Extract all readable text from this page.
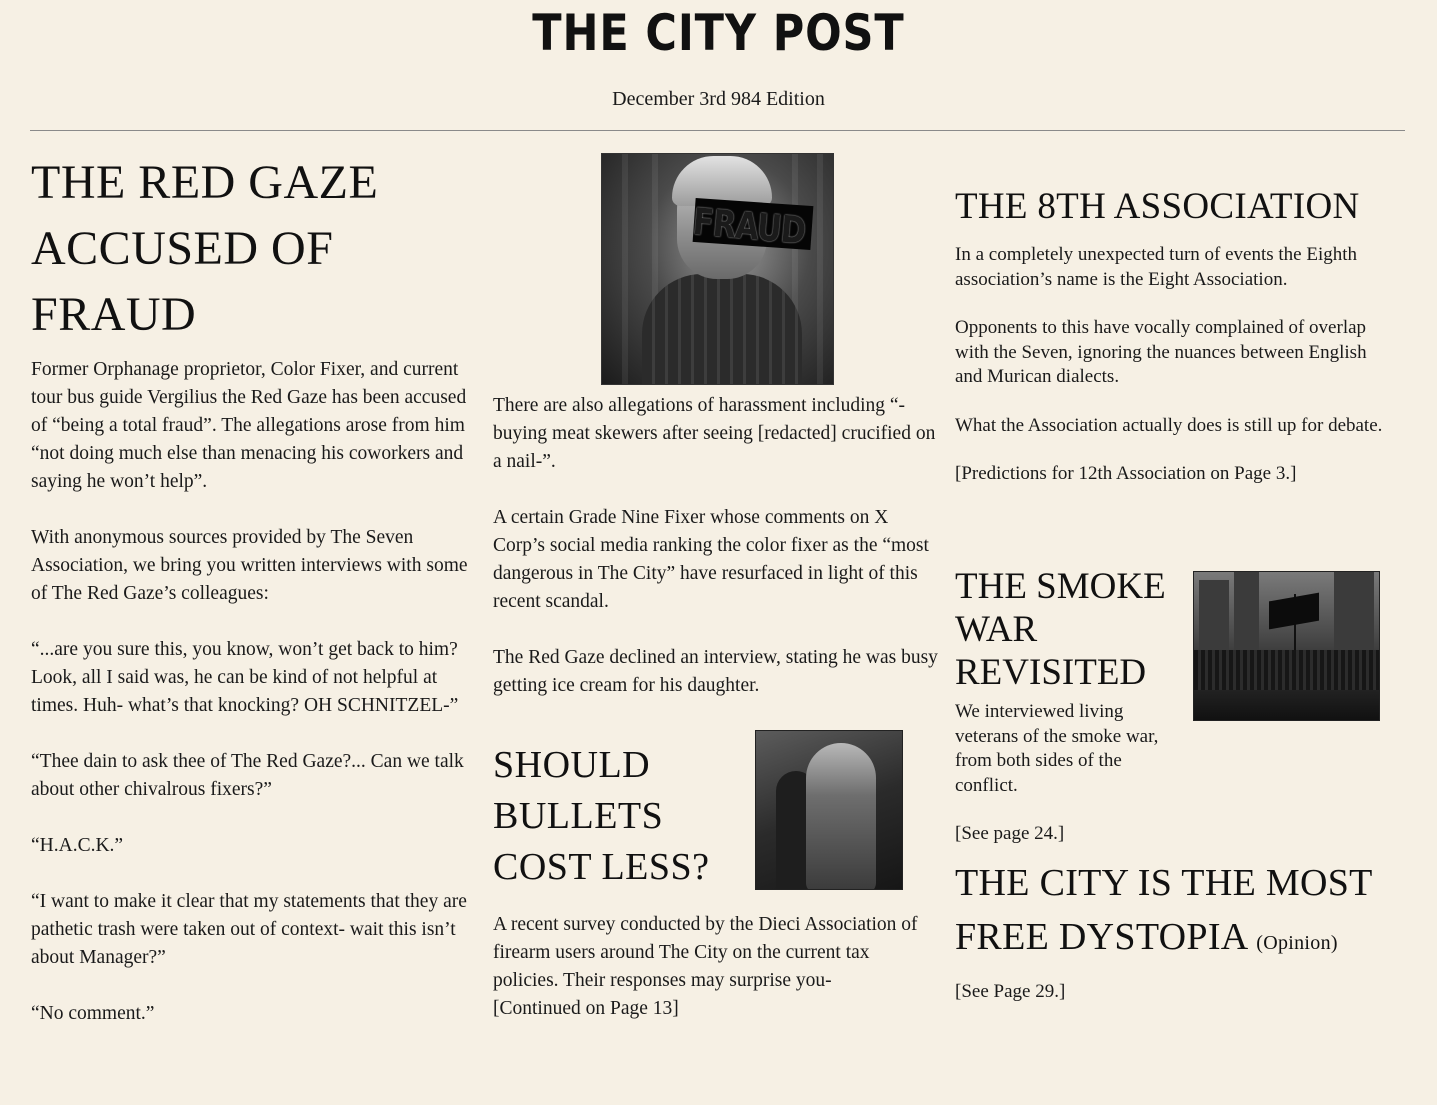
THE CITY POST
December 3rd 984 Edition
THE RED GAZE ACCUSED OF FRAUD

Former Orphanage proprietor, Color Fixer, and current tour bus guide Vergilius the Red Gaze has been accused of “being a total fraud”. The allegations arose from him “not doing much else than menacing his coworkers and saying he won’t help”.

With anonymous sources provided by The Seven Association, we bring you written interviews with some of The Red Gaze’s colleagues:

“...are you sure this, you know, won’t get back to him? Look, all I said was, he can be kind of not helpful at times. Huh- what’s that knocking? OH SCHNITZEL-”

“Thee dain to ask thee of The Red Gaze?... Can we talk about other chivalrous fixers?”

“H.A.C.K.”

“I want to make it clear that my statements that they are pathetic trash were taken out of context- wait this isn’t about Manager?”

“No comment.”

FRAUD

There are also allegations of harassment including “-buying meat skewers after seeing [redacted] crucified on a nail-”.

A certain Grade Nine Fixer whose comments on X Corp’s social media ranking the color fixer as the “most dangerous in The City” have resurfaced in light of this recent scandal.

The Red Gaze declined an interview, stating he was busy getting ice cream for his daughter.

SHOULD BULLETS COST LESS?
A recent survey conducted by the Dieci Association of firearm users around The City on the current tax policies. Their responses may surprise you-
[Continued on Page 13]
THE 8TH ASSOCIATION

In a completely unexpected turn of events the Eighth association’s name is the Eight Association.

Opponents to this have vocally complained of overlap with the Seven, ignoring the nuances between English and Murican dialects.

What the Association actually does is still up for debate.

[Predictions for 12th Association on Page 3.]

THE SMOKE WAR REVISITED

We interviewed living veterans of the smoke war, from both sides of the conflict.

[See page 24.]

THE CITY IS THE MOST FREE DYSTOPIA (Opinion)

[See Page 29.]
